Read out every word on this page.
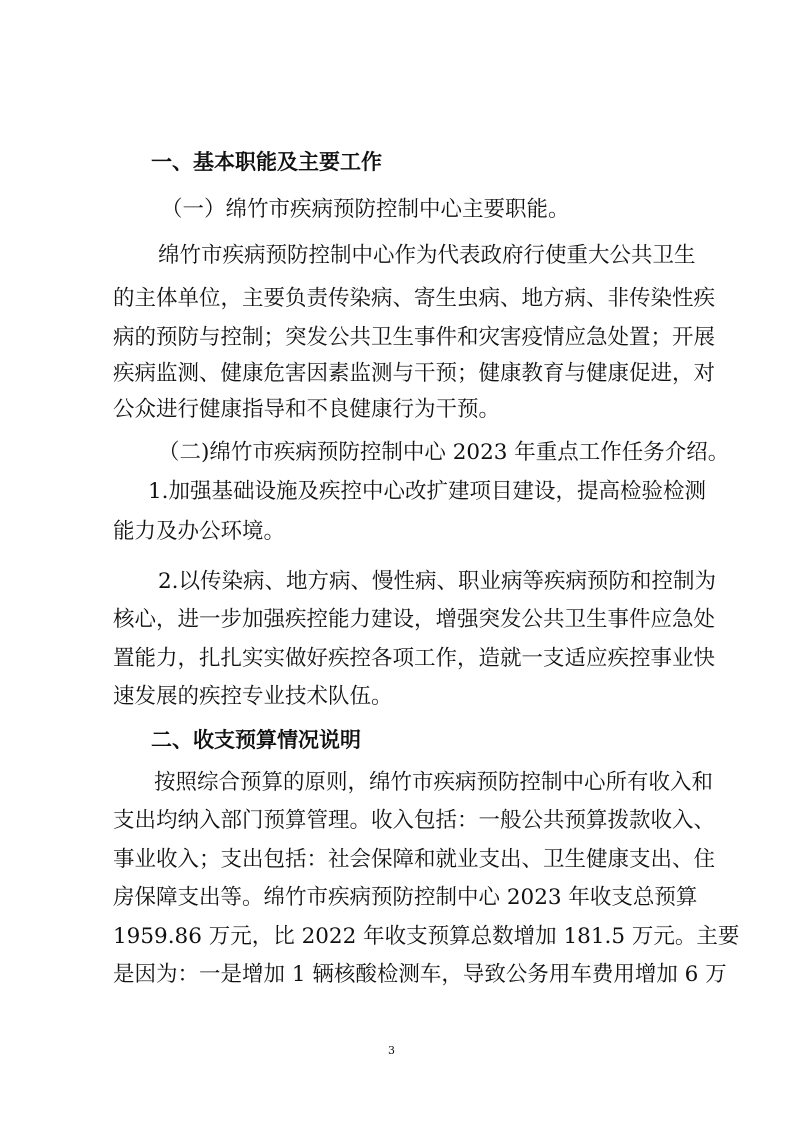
一、基本职能及主要工作
（一）绵竹市疾病预防控制中心主要职能。
绵竹市疾病预防控制中心作为代表政府行使重大公共卫生
的主体单位，主要负责传染病、寄生虫病、地方病、非传染性疾
病的预防与控制；突发公共卫生事件和灾害疫情应急处置；开展
疾病监测、健康危害因素监测与干预；健康教育与健康促进，对
公众进行健康指导和不良健康行为干预。
（二)绵竹市疾病预防控制中心 2023 年重点工作任务介绍。
1.加强基础设施及疾控中心改扩建项目建设，提高检验检测
能力及办公环境。
2.以传染病、地方病、慢性病、职业病等疾病预防和控制为
核心，进一步加强疾控能力建设，增强突发公共卫生事件应急处
置能力，扎扎实实做好疾控各项工作，造就一支适应疾控事业快
速发展的疾控专业技术队伍。
二、收支预算情况说明
按照综合预算的原则，绵竹市疾病预防控制中心所有收入和
支出均纳入部门预算管理。收入包括：一般公共预算拨款收入、
事业收入；支出包括：社会保障和就业支出、卫生健康支出、住
房保障支出等。绵竹市疾病预防控制中心 2023 年收支总预算
1959.86 万元，比 2022 年收支预算总数增加 181.5 万元。主要
是因为：一是增加 1 辆核酸检测车，导致公务用车费用增加 6 万
3
